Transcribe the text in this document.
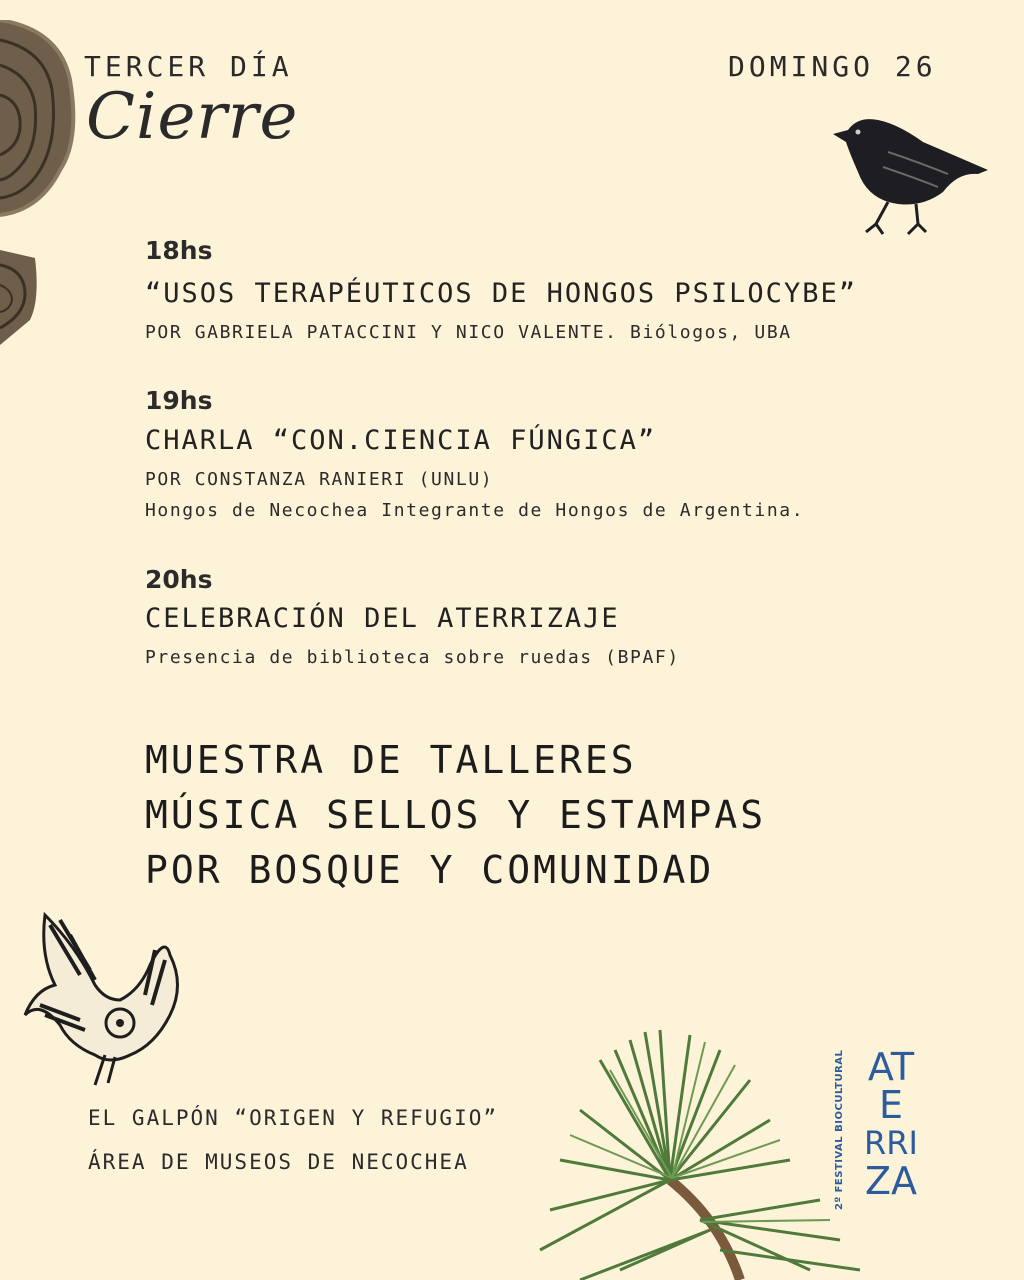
TERCER DÍA
Cierre
DOMINGO 26
18hs
“USOS TERAPÉUTICOS DE HONGOS PSILOCYBE”
POR GABRIELA PATACCINI Y NICO VALENTE. Biólogos, UBA
19hs
CHARLA “CON.CIENCIA FÚNGICA”
POR CONSTANZA RANIERI (UNLU)
Hongos de Necochea Integrante de Hongos de Argentina.
20hs
CELEBRACIÓN DEL ATERRIZAJE
Presencia de biblioteca sobre ruedas (BPAF)
MUESTRA DE TALLERES
MÚSICA SELLOS Y ESTAMPAS
POR BOSQUE Y COMUNIDAD
EL GALPÓN “ORIGEN Y REFUGIO”
ÁREA DE MUSEOS DE NECOCHEA	2º FESTIVAL BIOCULTURAL AT
E
RRI
ZA
